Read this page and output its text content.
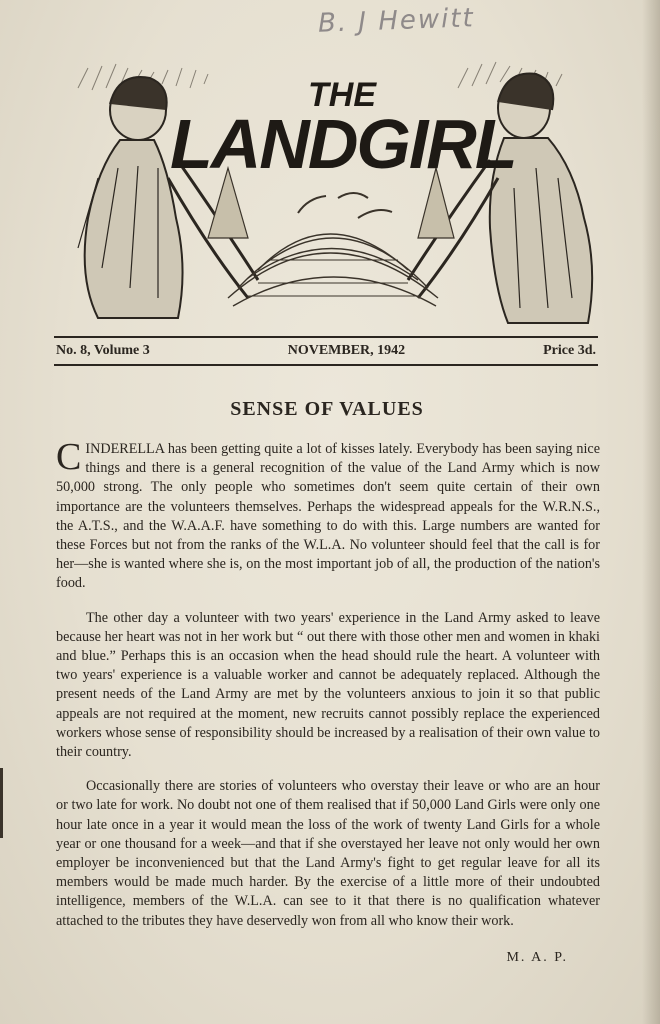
B. J Hewitt
THE
LANDGIRL
No. 8, Volume 3	NOVEMBER, 1942	Price 3d.
SENSE OF VALUES

CINDERELLA has been getting quite a lot of kisses lately. Everybody has been saying nice things and there is a general recognition of the value of the Land Army which is now 50,000 strong. The only people who sometimes don't seem quite certain of their own importance are the volunteers themselves. Perhaps the widespread appeals for the W.R.N.S., the A.T.S., and the W.A.A.F. have something to do with this. Large numbers are wanted for these Forces but not from the ranks of the W.L.A. No volunteer should feel that the call is for her—she is wanted where she is, on the most important job of all, the production of the nation's food.

The other day a volunteer with two years' experience in the Land Army asked to leave because her heart was not in her work but “ out there with those other men and women in khaki and blue.” Perhaps this is an occasion when the head should rule the heart. A volunteer with two years' experience is a valuable worker and cannot be adequately replaced. Although the present needs of the Land Army are met by the volunteers anxious to join it so that public appeals are not required at the moment, new recruits cannot possibly replace the experienced workers whose sense of responsibility should be increased by a realisation of their own value to their country.

Occasionally there are stories of volunteers who overstay their leave or who are an hour or two late for work. No doubt not one of them realised that if 50,000 Land Girls were only one hour late once in a year it would mean the loss of the work of twenty Land Girls for a whole year or one thousand for a week—and that if she overstayed her leave not only would her own employer be inconvenienced but that the Land Army's fight to get regular leave for all its members would be made much harder. By the exercise of a little more of their undoubted intelligence, members of the W.L.A. can see to it that there is no qualification whatever attached to the tributes they have deservedly won from all who know their work.

M. A. P.
